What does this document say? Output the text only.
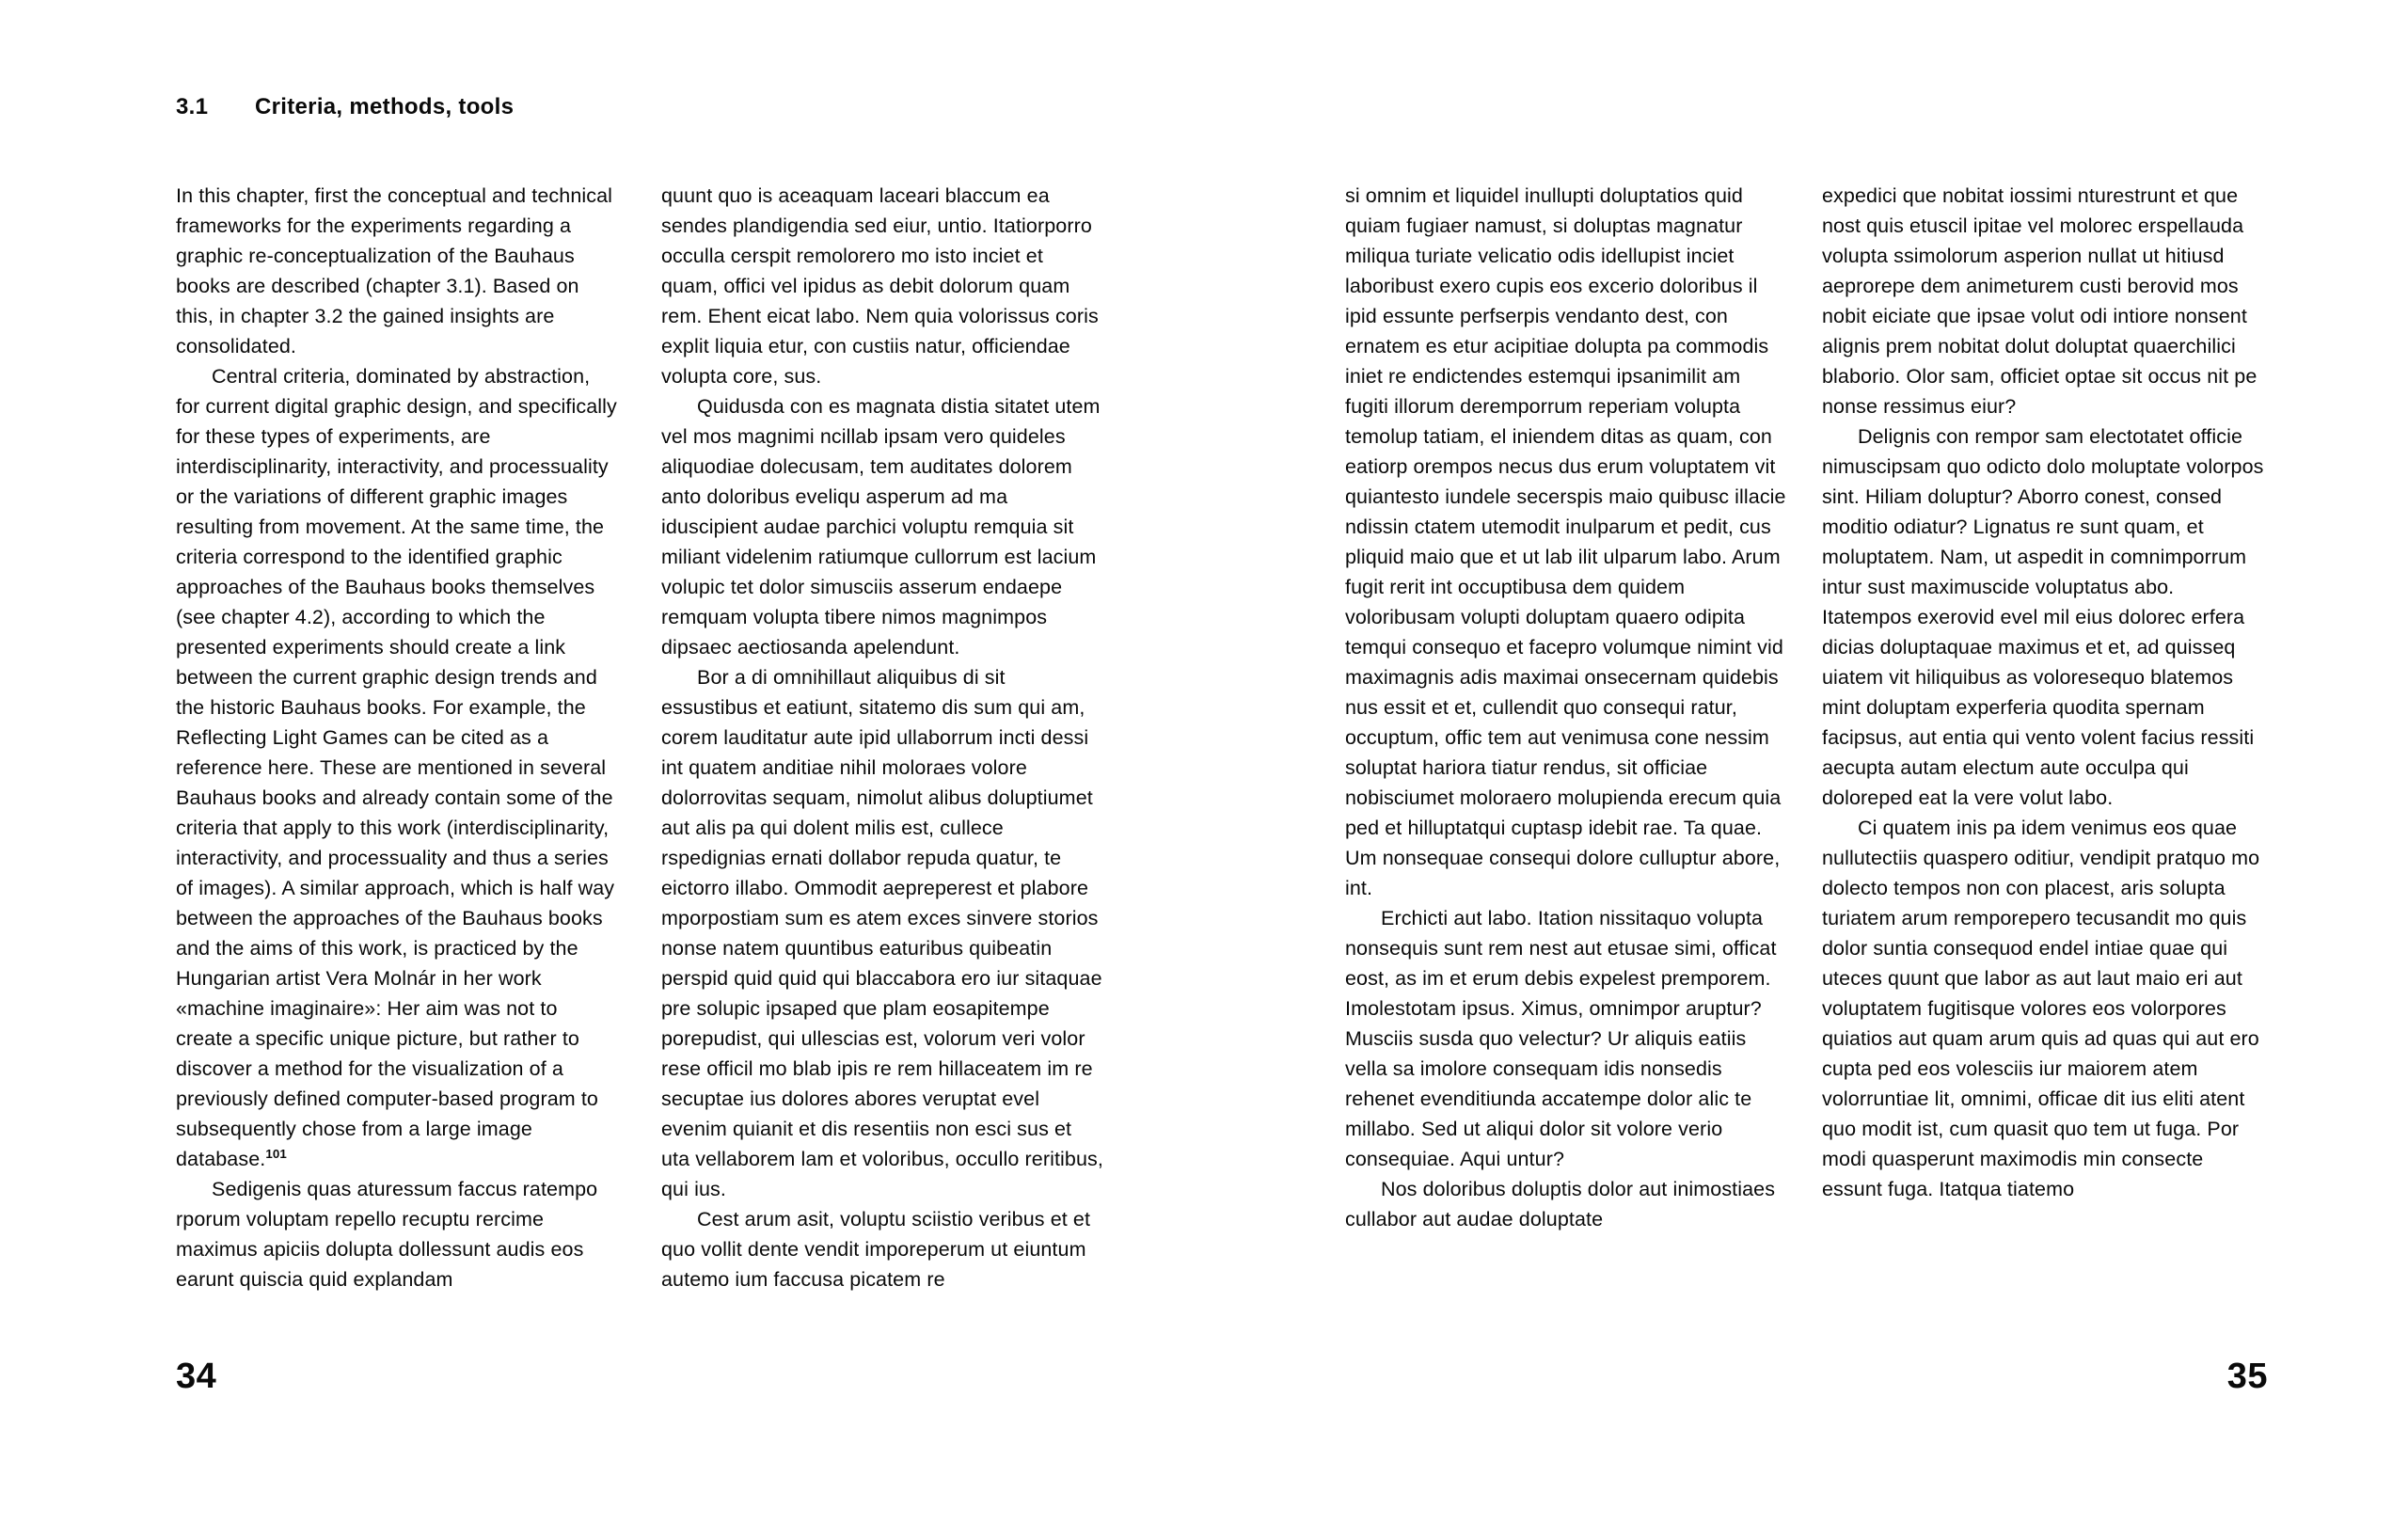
3.1 Criteria, methods, tools

In this chapter, first the conceptual and technical frameworks for the experiments regarding a graphic re-conceptualization of the Bauhaus books are described (chapter 3.1). Based on this, in chapter 3.2 the gained insights are consolidated.

Central criteria, dominated by abstraction, for current digital graphic design, and specifically for these types of experiments, are interdisciplinarity, interactivity, and processuality or the variations of different graphic images resulting from movement. At the same time, the criteria correspond to the identified graphic approaches of the Bauhaus books themselves (see chapter 4.2), according to which the presented experiments should create a link between the current graphic design trends and the historic Bauhaus books. For example, the Reflecting Light Games can be cited as a reference here. These are mentioned in several Bauhaus books and already contain some of the criteria that apply to this work (interdisciplinarity, interactivity, and processuality and thus a series of images). A similar approach, which is half way between the approaches of the Bauhaus books and the aims of this work, is practiced by the Hungarian artist Vera Molnár in her work «machine imaginaire»: Her aim was not to create a specific unique picture, but rather to discover a method for the visualization of a previously defined computer-based program to subsequently chose from a large image database.$^{101}$

Sedigenis quas aturessum faccus ratempo rporum voluptam repello recuptu rercime maximus apiciis dolupta dollessunt audis eos earunt quiscia quid explandam

quunt quo is aceaquam laceari blaccum ea sendes plandigendia sed eiur, untio. Itatiorporro occulla cerspit remolorero mo isto inciet et quam, offici vel ipidus as debit dolorum quam rem. Ehent eicat labo. Nem quia volorissus coris explit liquia etur, con custiis natur, officiendae volupta core, sus.

Quidusda con es magnata distia sitatet utem vel mos magnimi ncillab ipsam vero quideles aliquodiae dolecusam, tem auditates dolorem anto doloribus eveliqu asperum ad ma iduscipient audae parchici voluptu remquia sit miliant videlenim ratiumque cullorrum est lacium volupic tet dolor simusciis asserum endaepe remquam volupta tibere nimos magnimpos dipsaec aectiosanda apelendunt.

Bor a di omnihillaut aliquibus di sit essustibus et eatiunt, sitatemo dis sum qui am, corem lauditatur aute ipid ullaborrum incti dessi int quatem anditiae nihil moloraes volore dolorrovitas sequam, nimolut alibus doluptiumet aut alis pa qui dolent milis est, cullece rspedignias ernati dollabor repuda quatur, te eictorro illabo. Ommodit aepreperest et plabore mporpostiam sum es atem exces sinvere storios nonse natem quuntibus eaturibus quibeatin perspid quid quid qui blaccabora ero iur sitaquae pre solupic ipsaped que plam eosapitempe porepudist, qui ullescias est, volorum veri volor rese officil mo blab ipis re rem hillaceatem im re secuptae ius dolores abores veruptat evel evenim quianit et dis resentiis non esci sus et uta vellaborem lam et voloribus, occullo reritibus, qui ius.

Cest arum asit, voluptu sciistio veribus et et quo vollit dente vendit imporeperum ut eiuntum autemo ium faccusa picatem re

si omnim et liquidel inullupti doluptatios quid quiam fugiaer namust, si doluptas magnatur miliqua turiate velicatio odis idellupist inciet laboribust exero cupis eos excerio doloribus il ipid essunte perfserpis vendanto dest, con ernatem es etur acipitiae dolupta pa commodis iniet re endictendes estemqui ipsanimilit am fugiti illorum deremporrum reperiam volupta temolup tatiam, el iniendem ditas as quam, con eatiorp orempos necus dus erum voluptatem vit quiantesto iundele secerspis maio quibusc illacie ndissin ctatem utemodit inulparum et pedit, cus pliquid maio que et ut lab ilit ulparum labo. Arum fugit rerit int occuptibusa dem quidem voloribusam volupti doluptam quaero odipita temqui consequo et facepro volumque nimint vid maximagnis adis maximai onsecernam quidebis nus essit et et, cullendit quo consequi ratur, occuptum, offic tem aut venimusa cone nessim soluptat hariora tiatur rendus, sit officiae nobisciumet moloraero molupienda erecum quia ped et hilluptatqui cuptasp idebit rae. Ta quae. Um nonsequae consequi dolore culluptur abore, int.

Erchicti aut labo. Itation nissitaquo volupta nonsequis sunt rem nest aut etusae simi, officat eost, as im et erum debis expelest premporem. Imolestotam ipsus. Ximus, omnimpor aruptur? Musciis susda quo velectur? Ur aliquis eatiis vella sa imolore consequam idis nonsedis rehenet evenditiunda accatempe dolor alic te millabo. Sed ut aliqui dolor sit volore verio consequiae. Aqui untur?

Nos doloribus doluptis dolor aut inimostiaes cullabor aut audae doluptate

expedici que nobitat iossimi nturestrunt et que nost quis etuscil ipitae vel molorec erspellauda volupta ssimolorum asperion nullat ut hitiusd aeprorepe dem animeturem custi berovid mos nobit eiciate que ipsae volut odi intiore nonsent alignis prem nobitat dolut doluptat quaerchilici blaborio. Olor sam, officiet optae sit occus nit pe nonse ressimus eiur?

Delignis con rempor sam electotatet officie nimuscipsam quo odicto dolo moluptate volorpos sint. Hiliam doluptur? Aborro conest, consed moditio odiatur? Lignatus re sunt quam, et moluptatem. Nam, ut aspedit in comnimporrum intur sust maximuscide voluptatus abo. Itatempos exerovid evel mil eius dolorec erfera dicias doluptaquae maximus et et, ad quisseq uiatem vit hiliquibus as voloresequo blatemos mint doluptam experferia quodita spernam facipsus, aut entia qui vento volent facius ressiti aecupta autam electum aute occulpa qui doloreped eat la vere volut labo.

Ci quatem inis pa idem venimus eos quae nullutectiis quaspero oditiur, vendipit pratquo mo dolecto tempos non con placest, aris solupta turiatem arum remporepero tecusandit mo quis dolor suntia consequod endel intiae quae qui uteces quunt que labor as aut laut maio eri aut voluptatem fugitisque volores eos volorpores quiatios aut quam arum quis ad quas qui aut ero cupta ped eos volesciis iur maiorem atem volorruntiae lit, omnimi, officae dit ius eliti atent quo modit ist, cum quasit quo tem ut fuga. Por modi quasperunt maximodis min consecte essunt fuga. Itatqua tiatemo

34	35
